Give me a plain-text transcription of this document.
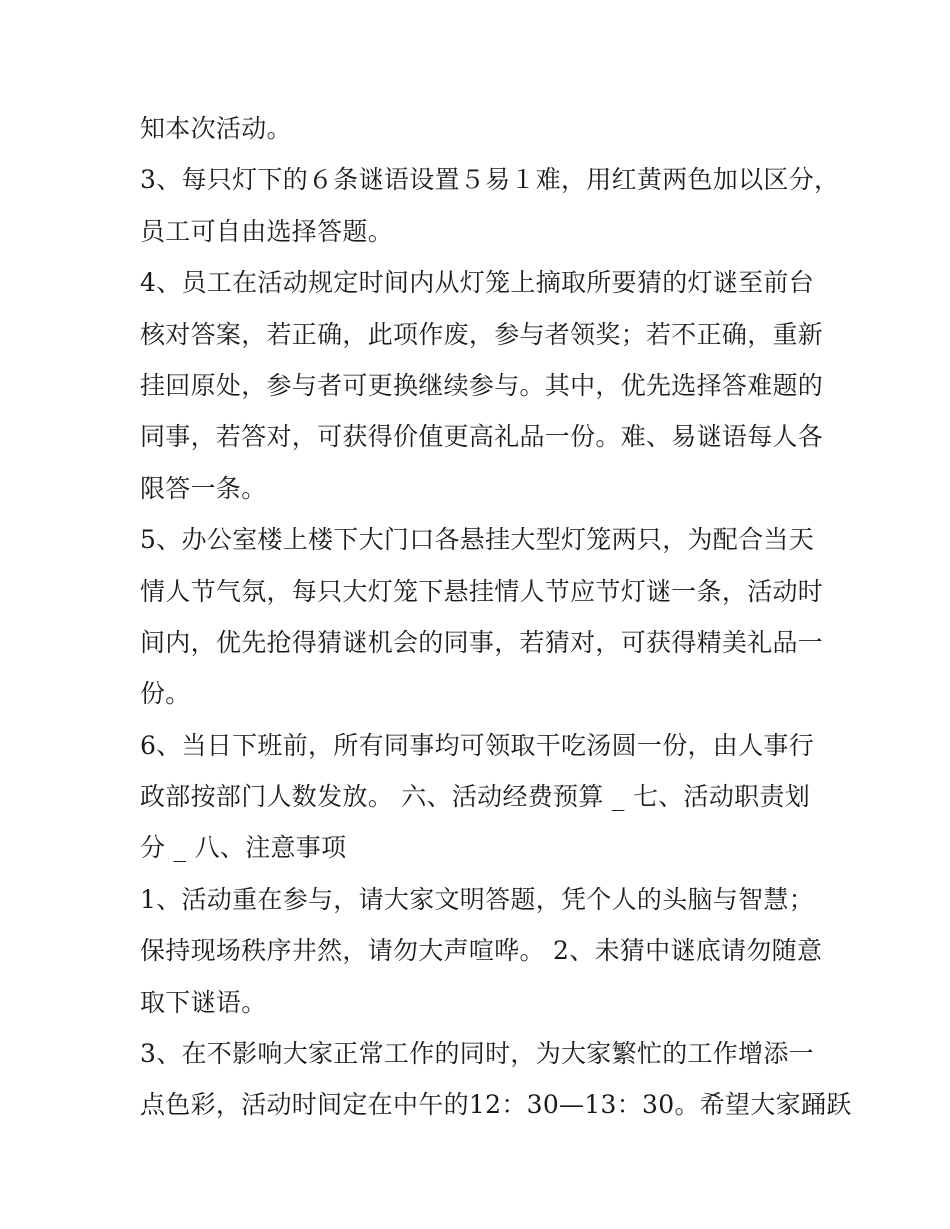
知本次活动。
3、每只灯下的６条谜语设置５易１难，用红黄两色加以区分，
员工可自由选择答题。
4、员工在活动规定时间内从灯笼上摘取所要猜的灯谜至前台
核对答案，若正确，此项作废，参与者领奖；若不正确，重新
挂回原处，参与者可更换继续参与。其中，优先选择答难题的
同事，若答对，可获得价值更高礼品一份。难、易谜语每人各
限答一条。
5、办公室楼上楼下大门口各悬挂大型灯笼两只，为配合当天
情人节气氛，每只大灯笼下悬挂情人节应节灯谜一条，活动时
间内，优先抢得猜谜机会的同事，若猜对，可获得精美礼品一
份。
6、当日下班前，所有同事均可领取干吃汤圆一份，由人事行
政部按部门人数发放。 六、活动经费预算 _ 七、活动职责划
分 _ 八、注意事项
1、活动重在参与，请大家文明答题，凭个人的头脑与智慧；
保持现场秩序井然，请勿大声喧哗。 2、未猜中谜底请勿随意
取下谜语。
3、在不影响大家正常工作的同时，为大家繁忙的工作增添一
点色彩，活动时间定在中午的12：30—13：30。希望大家踊跃
